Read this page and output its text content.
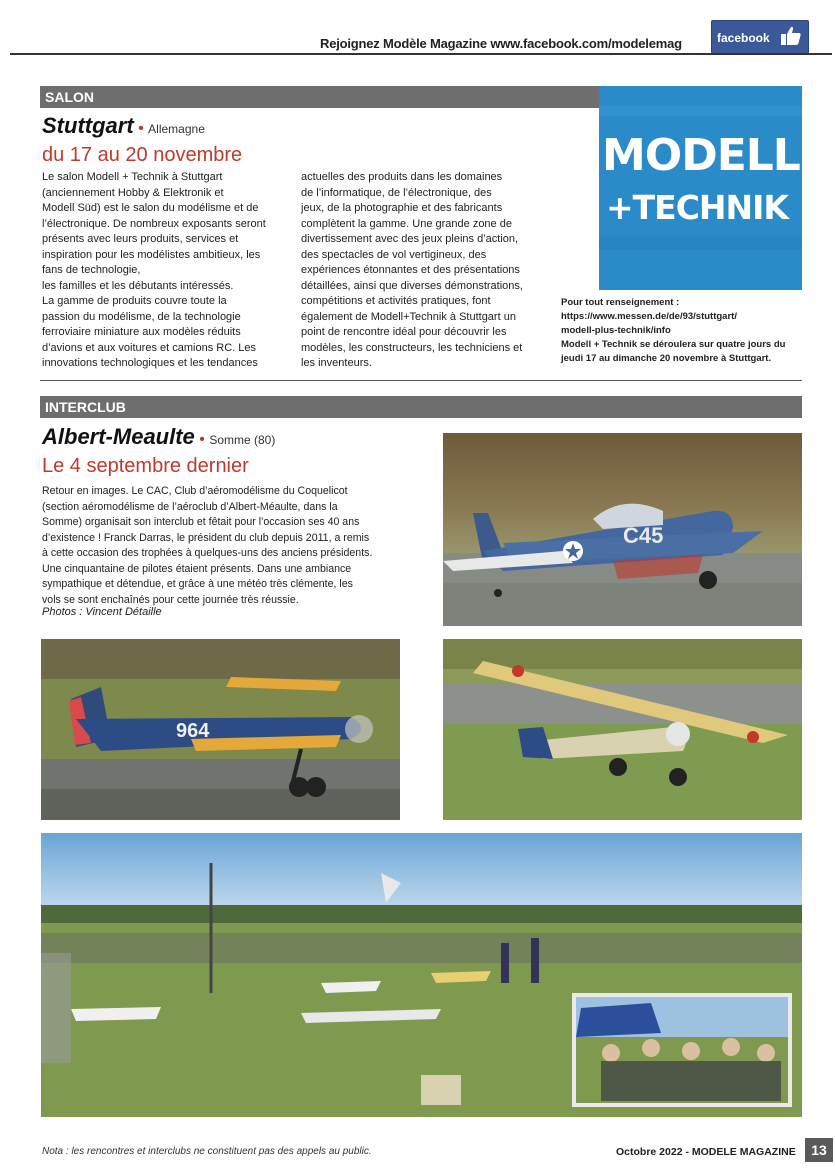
Rejoignez Modèle Magazine www.facebook.com/modelemag	facebook
SALON
Stuttgart • Allemagne
du 17 au 20 novembre
Le salon Modell + Technik à Stuttgart
(anciennement Hobby & Elektronik et
Modell Süd) est le salon du modélisme et de
l’électronique. De nombreux exposants seront
présents avec leurs produits, services et
inspiration pour les modélistes ambitieux, les
fans de technologie,
les familles et les débutants intéressés.
La gamme de produits couvre toute la
passion du modélisme, de la technologie
ferroviaire miniature aux modèles réduits
d’avions et aux voitures et camions RC. Les
innovations technologiques et les tendances
actuelles des produits dans les domaines
de l’informatique, de l’électronique, des
jeux, de la photographie et des fabricants
complètent la gamme. Une grande zone de
divertissement avec des jeux pleins d’action,
des spectacles de vol vertigineux, des
expériences étonnantes et des présentations
détaillées, ainsi que diverses démonstrations,
compétitions et activités pratiques, font
également de Modell+Technik à Stuttgart un
point de rencontre idéal pour découvrir les
modèles, les constructeurs, les techniciens et
les inventeurs.
MODELL
+TECHNIK
Pour tout renseignement :
https://www.messen.de/de/93/stuttgart/
modell-plus-technik/info
Modell + Technik se déroulera sur quatre jours du
jeudi 17 au dimanche 20 novembre à Stuttgart.
INTERCLUB
Albert-Meaulte • Somme (80)
Le 4 septembre dernier
Retour en images. Le CAC, Club d’aéromodélisme du Coquelicot
(section aéromodélisme de l’aéroclub d’Albert-Méaulte, dans la
Somme) organisait son interclub et fêtait pour l’occasion ses 40 ans
d’existence ! Franck Darras, le président du club depuis 2011, a remis
à cette occasion des trophées à quelques-uns des anciens présidents.
Une cinquantaine de pilotes étaient présents. Dans une ambiance
sympathique et détendue, et grâce à une météo très clémente, les
vols se sont enchaînés pour cette journée très réussie.
Photos : Vincent Détaille
C45
964
Nota : les rencontres et interclubs ne constituent pas des appels au public.	Octobre 2022 - MODELE MAGAZINE	13
